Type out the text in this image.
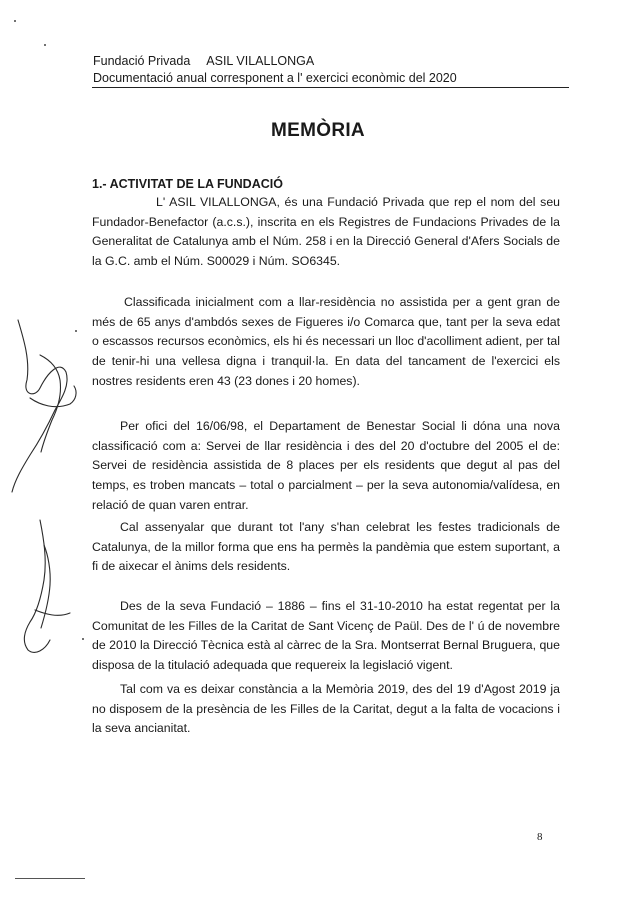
Fundació Privada ASIL VILALLONGA
Documentació anual corresponent a l' exercici econòmic del 2020
MEMÒRIA
1.- ACTIVITAT DE LA FUNDACIÓ

L' ASIL VILALLONGA, és una Fundació Privada que rep el nom del seu Fundador-Benefactor (a.c.s.), inscrita en els Registres de Fundacions Privades de la Generalitat de Catalunya amb el Núm. 258 i en la Direcció General d'Afers Socials de la G.C. amb el Núm. S00029 i Núm. SO6345.

Classificada inicialment com a llar-residència no assistida per a gent gran de més de 65 anys d'ambdós sexes de Figueres i/o Comarca que, tant per la seva edat o escassos recursos econòmics, els hi és necessari un lloc d'acolliment adient, per tal de tenir-hi una vellesa digna i tranquil·la. En data del tancament de l'exercici els nostres residents eren 43 (23 dones i 20 homes).

Per ofici del 16/06/98, el Departament de Benestar Social li dóna una nova classificació com a: Servei de llar residència i des del 20 d'octubre del 2005 el de: Servei de residència assistida de 8 places per els residents que degut al pas del temps, es troben mancats – total o parcialment – per la seva autonomia/valídesa, en relació de quan varen entrar.

Cal assenyalar que durant tot l'any s'han celebrat les festes tradicionals de Catalunya, de la millor forma que ens ha permès la pandèmia que estem suportant, a fi de aixecar el ànims dels residents.

Des de la seva Fundació – 1886 – fins el 31-10-2010 ha estat regentat per la Comunitat de les Filles de la Caritat de Sant Vicenç de Paül. Des de l' ú de novembre de 2010 la Direcció Tècnica està al càrrec de la Sra. Montserrat Bernal Bruguera, que disposa de la titulació adequada que requereix la legislació vigent.

Tal com va es deixar constància a la Memòria 2019, des del 19 d'Agost 2019 ja no disposem de la presència de les Filles de la Caritat, degut a la falta de vocacions i la seva ancianitat.

8
